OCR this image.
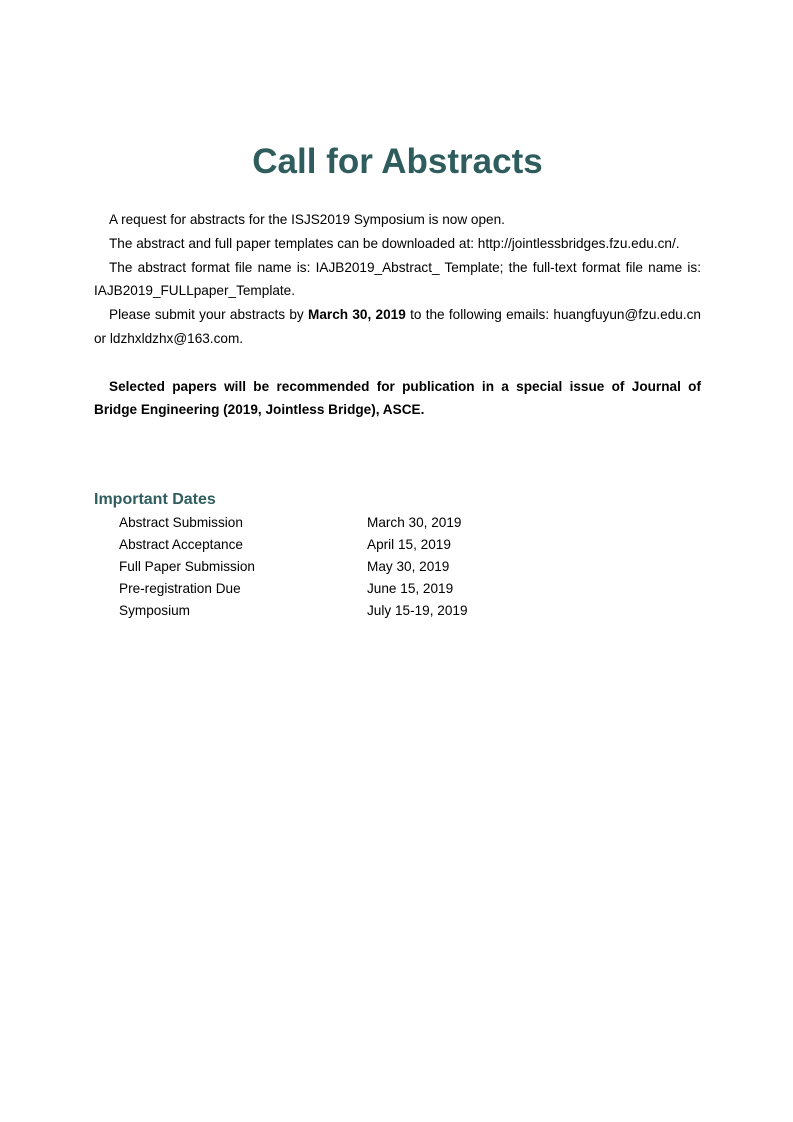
Call for Abstracts

A request for abstracts for the ISJS2019 Symposium is now open.

The abstract and full paper templates can be downloaded at: http://jointlessbridges.fzu.edu.cn/.

The abstract format file name is: IAJB2019_Abstract_ Template; the full-text format file name is: IAJB2019_FULLpaper_Template.

Please submit your abstracts by March 30, 2019 to the following emails: huangfuyun@fzu.edu.cn or ldzhxldzhx@163.com.

Selected papers will be recommended for publication in a special issue of Journal of Bridge Engineering (2019, Jointless Bridge), ASCE.

Important Dates
Abstract Submission	March 30, 2019
Abstract Acceptance	April 15, 2019
Full Paper Submission	May 30, 2019
Pre-registration Due	June 15, 2019
Symposium	July 15-19, 2019
